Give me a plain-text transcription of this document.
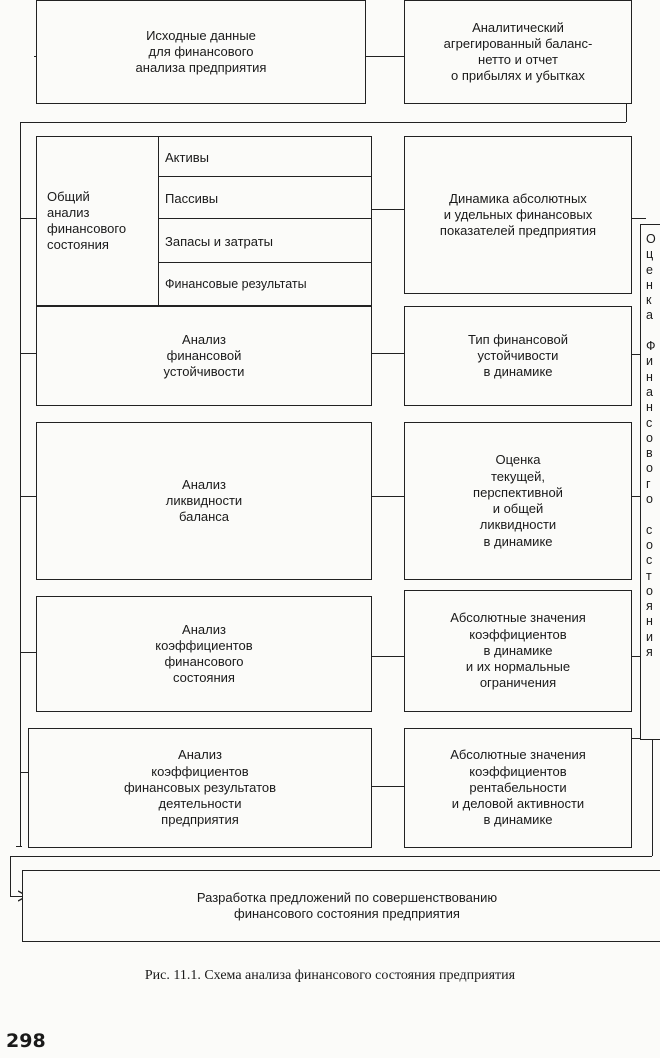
О
ц
е
н
к
а
Ф
и
н
а
н
с
о
в
о
г
о
с
о
с
т
о
я
н
и
я
Исходные данные
для финансового
анализа предприятия
Аналитический
агрегированный баланс-
нетто и отчет
о прибылях и убытках
Общий
анализ
финансового
состояния
Активы
Пассивы
Запасы и затраты
Финансовые результаты
Динамика абсолютных
и удельных финансовых
показателей предприятия
Анализ
финансовой
устойчивости
Тип финансовой
устойчивости
в динамике
Анализ
ликвидности
баланса
Оценка
текущей,
перспективной
и общей
ликвидности
в динамике
Анализ
коэффициентов
финансового
состояния
Абсолютные значения
коэффициентов
в динамике
и их нормальные
ограничения
Анализ
коэффициентов
финансовых результатов
деятельности
предприятия
Абсолютные значения
коэффициентов
рентабельности
и деловой активности
в динамике
Разработка предложений по совершенствованию
финансового состояния предприятия
Рис. 11.1. Схема анализа финансового состояния предприятия
298
